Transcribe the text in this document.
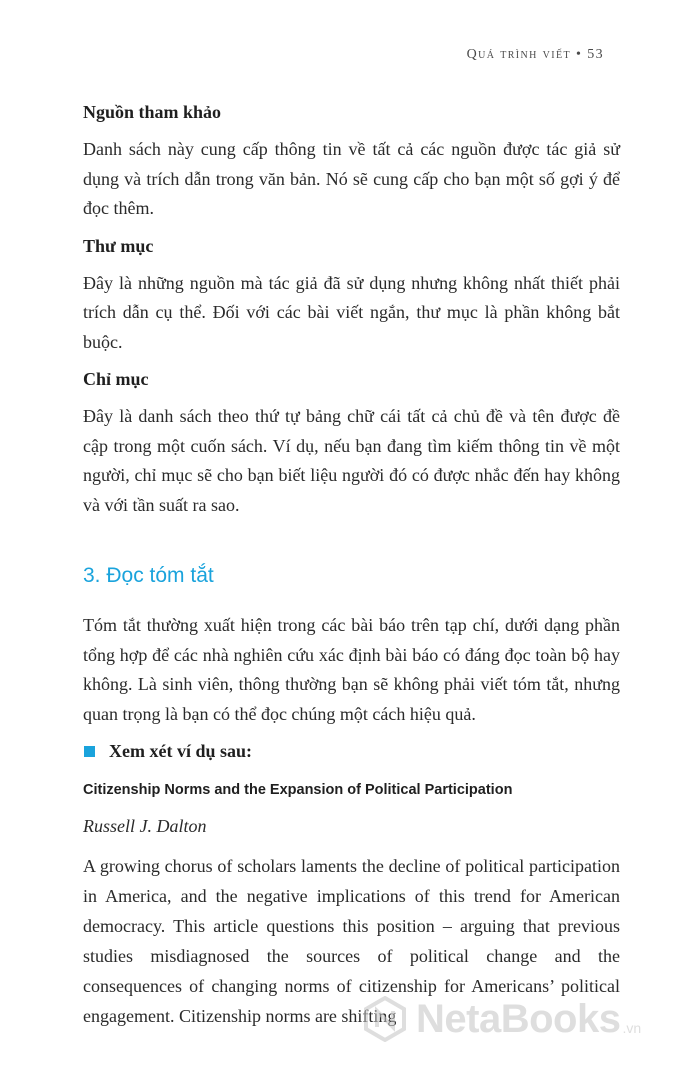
Quá trình viết • 53

Nguồn tham khảo

Danh sách này cung cấp thông tin về tất cả các nguồn được tác giả sử dụng và trích dẫn trong văn bản. Nó sẽ cung cấp cho bạn một số gợi ý để đọc thêm.

Thư mục

Đây là những nguồn mà tác giả đã sử dụng nhưng không nhất thiết phải trích dẫn cụ thể. Đối với các bài viết ngắn, thư mục là phần không bắt buộc.

Chỉ mục

Đây là danh sách theo thứ tự bảng chữ cái tất cả chủ đề và tên được đề cập trong một cuốn sách. Ví dụ, nếu bạn đang tìm kiếm thông tin về một người, chỉ mục sẽ cho bạn biết liệu người đó có được nhắc đến hay không và với tần suất ra sao.

3. Đọc tóm tắt

Tóm tắt thường xuất hiện trong các bài báo trên tạp chí, dưới dạng phần tổng hợp để các nhà nghiên cứu xác định bài báo có đáng đọc toàn bộ hay không. Là sinh viên, thông thường bạn sẽ không phải viết tóm tắt, nhưng quan trọng là bạn có thể đọc chúng một cách hiệu quả.

Xem xét ví dụ sau:
Citizenship Norms and the Expansion of Political Participation
Russell J. Dalton

A growing chorus of scholars laments the decline of political participation in America, and the negative implications of this trend for American democracy. This article questions this position – arguing that previous studies misdiagnosed the sources of political change and the consequences of changing norms of citizenship for Americans’ political engagement. Citizenship norms are shifting NetaBooks .vn
